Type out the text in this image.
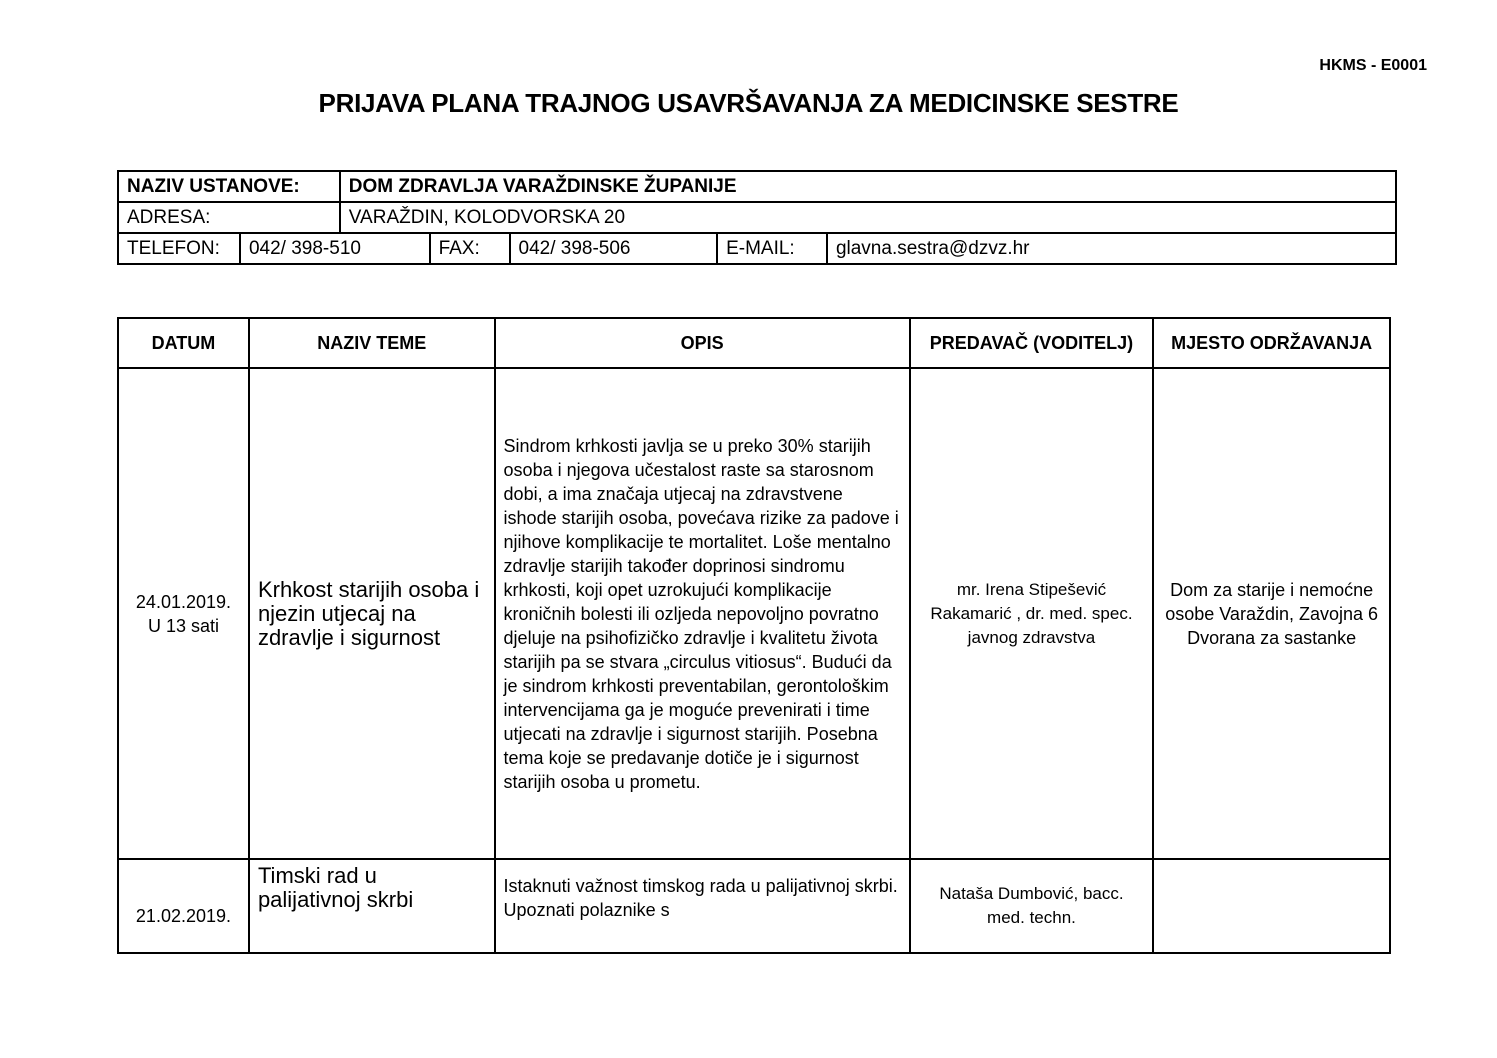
HKMS - E0001
PRIJAVA PLANA TRAJNOG USAVRŠAVANJA ZA MEDICINSKE SESTRE
NAZIV USTANOVE:		DOM ZDRAVLJA VARAŽDINSKE ŽUPANIJE				
ADRESA:		VARAŽDIN, KOLODVORSKA 20				
TELEFON:	042/ 398-510		FAX:	042/ 398-506	E-MAIL:	glavna.sestra@dzvz.hr
DATUM	NAZIV TEME	OPIS	PREDAVAČ (VODITELJ)	MJESTO ODRŽAVANJA
24.01.2019. U 13 sati	Krhkost starijih osoba i njezin utjecaj na zdravlje i sigurnost	Sindrom krhkosti javlja se u preko 30% starijih osoba i njegova učestalost raste sa starosnom dobi, a ima značaja utjecaj na zdravstvene ishode starijih osoba, povećava rizike za padove i njihove komplikacije te mortalitet. Loše mentalno zdravlje starijih također doprinosi sindromu krhkosti, koji opet uzrokujući komplikacije kroničnih bolesti ili ozljeda nepovoljno povratno djeluje na psihofizičko zdravlje i kvalitetu života starijih pa se stvara „circulus vitiosus“. Budući da je sindrom krhkosti preventabilan, gerontološkim intervencijama ga je moguće prevenirati i time utjecati na zdravlje i sigurnost starijih. Posebna tema koje se predavanje dotiče je i sigurnost starijih osoba u prometu.	mr. Irena Stipešević Rakamarić , dr. med. spec. javnog zdravstva	Dom za starije i nemoćne osobe Varaždin, Zavojna 6 Dvorana za sastanke
21.02.2019.	Timski rad u palijativnoj skrbi	Istaknuti važnost timskog rada u palijativnoj skrbi. Upoznati polaznike s	Nataša Dumbović, bacc. med. techn.	
